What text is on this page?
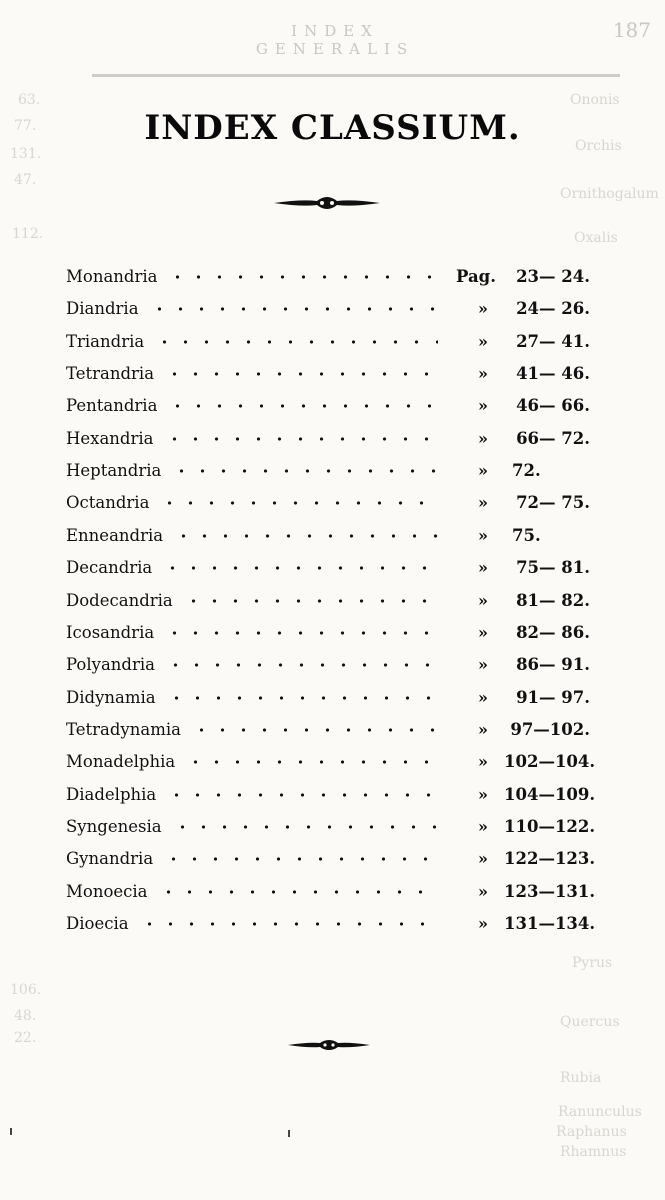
INDEX GENERALIS
187
Ononis
Orchis
Ornithogalum
Oxalis
Pyrus
Quercus
Rubia
Ranunculus
Raphanus
Rhamnus
63.
77.
131.
47.
112.
106.
48.
22.
INDEX CLASSIUM.
Monandria	Pag.	23— 24.
Diandria	»	24— 26.
Triandria	»	27— 41.
Tetrandria	»	41— 46.
Pentandria	»	46— 66.
Hexandria	»	66— 72.
Heptandria	» 72.
Octandria	»	72— 75.
Enneandria	» 75.
Decandria	»	75— 81.
Dodecandria	»	81— 82.
Icosandria	»	82— 86.
Polyandria	»	86— 91.
Didynamia	»	91— 97.
Tetradynamia	»	97—102.
Monadelphia	» 102—104.
Diadelphia	» 104—109.
Syngenesia	» 110—122.
Gynandria	» 122—123.
Monoecia	» 123—131.
Dioecia	» 131—134.
